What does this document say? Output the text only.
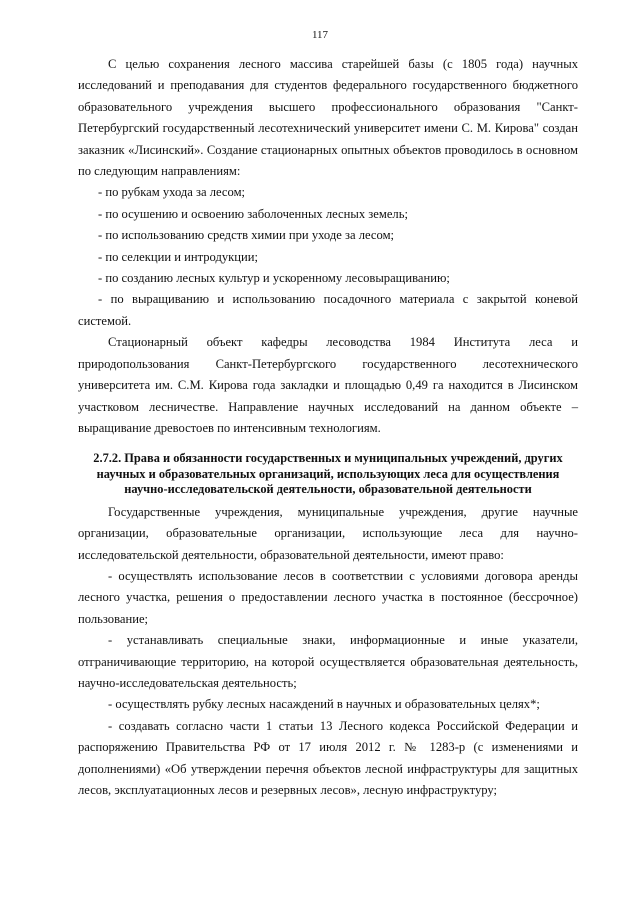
117

С целью сохранения лесного массива старейшей базы (с 1805 года) научных исследований и преподавания для студентов федерального государственного бюджетного образовательного учреждения высшего профессионального образования "Санкт-Петербургский государственный лесотехнический университет имени С. М. Кирова" создан заказник «Лисинский». Создание стационарных опытных объектов проводилось в основном по следующим направлениям:

- по рубкам ухода за лесом;

- по осушению и освоению заболоченных лесных земель;

- по использованию средств химии при уходе за лесом;

- по селекции и интродукции;

- по созданию лесных культур и ускоренному лесовыращиванию;

- по выращиванию и использованию посадочного материала с закрытой коневой системой.

Стационарный объект кафедры лесоводства 1984 Института леса и природопользования Санкт-Петербургского государственного лесотехнического университета им. С.М. Кирова года закладки и площадью 0,49 га находится в Лисинском участковом лесничестве. Направление научных исследований на данном объекте – выращивание древостоев по интенсивным технологиям.

2.7.2. Права и обязанности государственных и муниципальных учреждений, других научных и образовательных организаций, использующих леса для осуществления научно-исследовательской деятельности, образовательной деятельности

Государственные учреждения, муниципальные учреждения, другие научные организации, образовательные организации, использующие леса для научно-исследовательской деятельности, образовательной деятельности, имеют право:

- осуществлять использование лесов в соответствии с условиями договора аренды лесного участка, решения о предоставлении лесного участка в постоянное (бессрочное) пользование;

- устанавливать специальные знаки, информационные и иные указатели, отграничивающие территорию, на которой осуществляется образовательная деятельность, научно-исследовательская деятельность;

- осуществлять рубку лесных насаждений в научных и образовательных целях*;

- создавать согласно части 1 статьи 13 Лесного кодекса Российской Федерации и распоряжению Правительства РФ от 17 июля 2012 г. № 1283-р (с изменениями и дополнениями) «Об утверждении перечня объектов лесной инфраструктуры для защитных лесов, эксплуатационных лесов и резервных лесов», лесную инфраструктуру;
